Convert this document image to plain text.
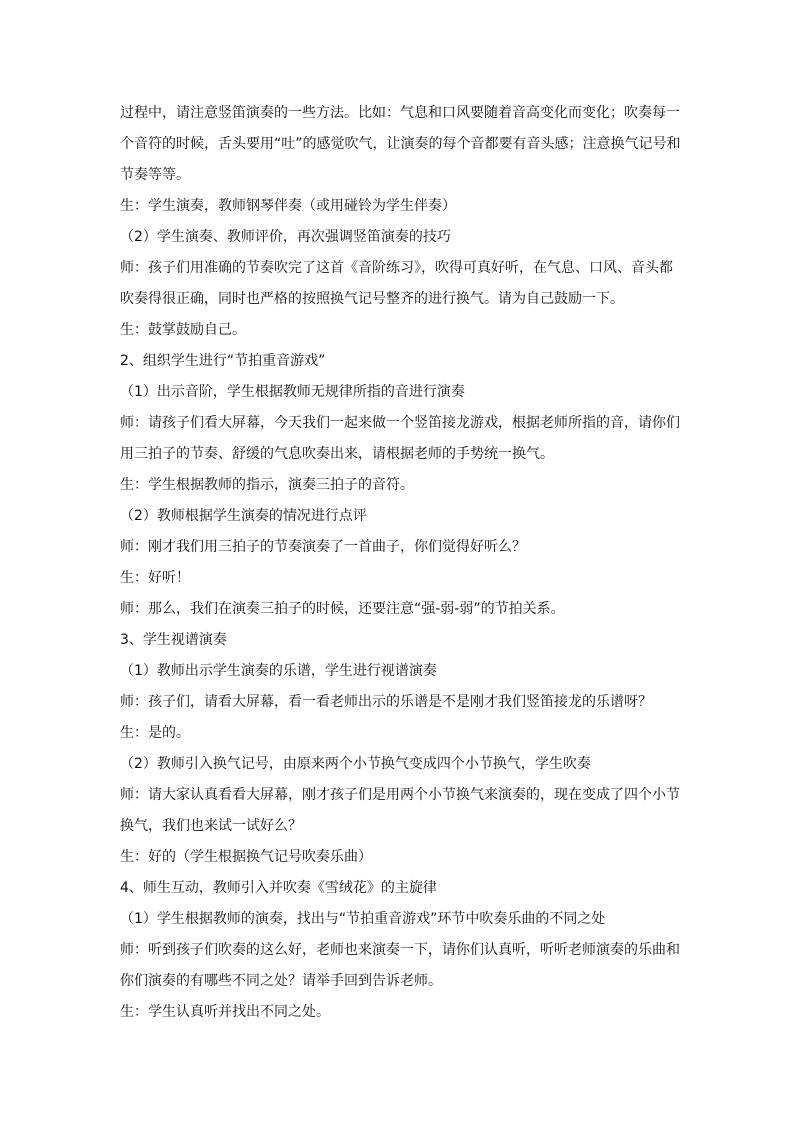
过程中，请注意竖笛演奏的一些方法。比如：气息和口风要随着音高变化而变化；吹奏每一
个音符的时候，舌头要用“吐”的感觉吹气，让演奏的每个音都要有音头感；注意换气记号和
节奏等等。
生：学生演奏，教师钢琴伴奏（或用碰铃为学生伴奏）
（2）学生演奏、教师评价，再次强调竖笛演奏的技巧
师：孩子们用准确的节奏吹完了这首《音阶练习》，吹得可真好听，在气息、口风、音头都
吹奏得很正确，同时也严格的按照换气记号整齐的进行换气。请为自己鼓励一下。
生：鼓掌鼓励自己。
2、组织学生进行“节拍重音游戏”
（1）出示音阶，学生根据教师无规律所指的音进行演奏
师：请孩子们看大屏幕，今天我们一起来做一个竖笛接龙游戏，根据老师所指的音，请你们
用三拍子的节奏、舒缓的气息吹奏出来，请根据老师的手势统一换气。
生：学生根据教师的指示，演奏三拍子的音符。
（2）教师根据学生演奏的情况进行点评
师：刚才我们用三拍子的节奏演奏了一首曲子，你们觉得好听么？
生：好听！
师：那么，我们在演奏三拍子的时候，还要注意“强-弱-弱”的节拍关系。
3、学生视谱演奏
（1）教师出示学生演奏的乐谱，学生进行视谱演奏
师：孩子们，请看大屏幕，看一看老师出示的乐谱是不是刚才我们竖笛接龙的乐谱呀？
生：是的。
（2）教师引入换气记号，由原来两个小节换气变成四个小节换气，学生吹奏
师：请大家认真看看大屏幕，刚才孩子们是用两个小节换气来演奏的，现在变成了四个小节
换气，我们也来试一试好么？
生：好的（学生根据换气记号吹奏乐曲）
4、师生互动，教师引入并吹奏《雪绒花》的主旋律
（1）学生根据教师的演奏，找出与“节拍重音游戏”环节中吹奏乐曲的不同之处
师：听到孩子们吹奏的这么好，老师也来演奏一下，请你们认真听，听听老师演奏的乐曲和
你们演奏的有哪些不同之处？请举手回到告诉老师。
生：学生认真听并找出不同之处。
